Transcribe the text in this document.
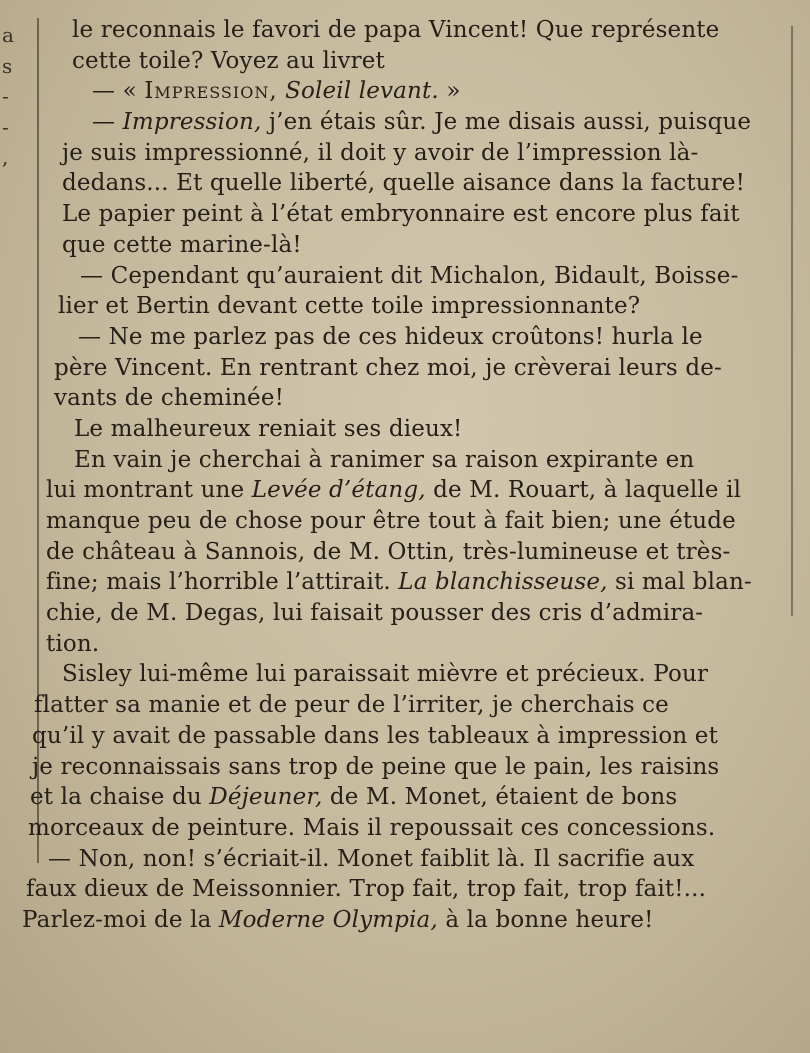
a
s
-
-
,
le reconnais le favori de papa Vincent! Que représente
cette toile? Voyez au livret
— « Impression, Soleil levant. »
— Impression, j’en étais sûr. Je me disais aussi, puisque
je suis impressionné, il doit y avoir de l’impression là-
dedans... Et quelle liberté, quelle aisance dans la facture!
Le papier peint à l’état embryonnaire est encore plus fait
que cette marine-là!
— Cependant qu’auraient dit Michalon, Bidault, Boisse-
lier et Bertin devant cette toile impressionnante?
— Ne me parlez pas de ces hideux croûtons! hurla le
père Vincent. En rentrant chez moi, je crèverai leurs de-
vants de cheminée!
Le malheureux reniait ses dieux!
En vain je cherchai à ranimer sa raison expirante en
lui montrant une Levée d’étang, de M. Rouart, à laquelle il
manque peu de chose pour être tout à fait bien; une étude
de château à Sannois, de M. Ottin, très-lumineuse et très-
fine; mais l’horrible l’attirait. La blanchisseuse, si mal blan-
chie, de M. Degas, lui faisait pousser des cris d’admira-
tion.
Sisley lui-même lui paraissait mièvre et précieux. Pour
flatter sa manie et de peur de l’irriter, je cherchais ce
qu’il y avait de passable dans les tableaux à impression et
je reconnaissais sans trop de peine que le pain, les raisins
et la chaise du Déjeuner, de M. Monet, étaient de bons
morceaux de peinture. Mais il repoussait ces concessions.
— Non, non! s’écriait-il. Monet faiblit là. Il sacrifie aux
faux dieux de Meissonnier. Trop fait, trop fait, trop fait!...
Parlez-moi de la Moderne Olympia, à la bonne heure!
